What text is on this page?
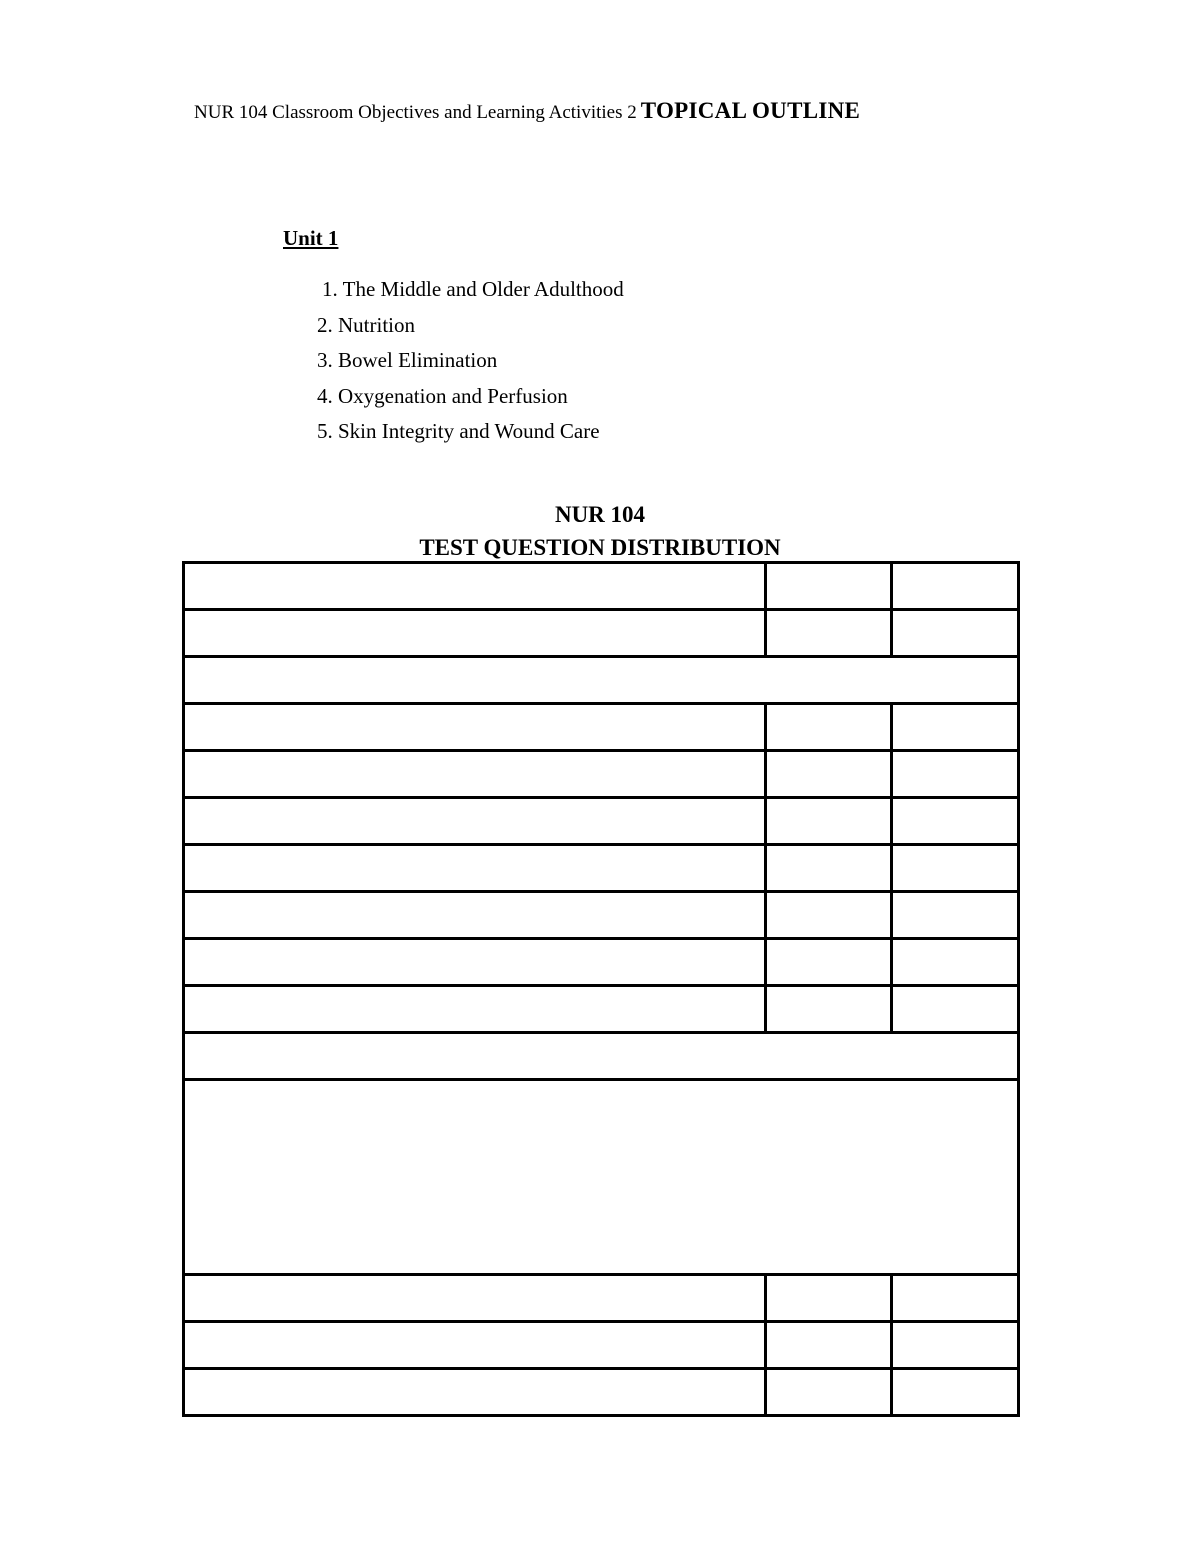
NUR 104 Classroom Objectives and Learning Activities 2 TOPICAL OUTLINE
Unit 1
1. The Middle and Older Adulthood
2. Nutrition
3. Bowel Elimination
4. Oxygenation and Perfusion
5. Skin Integrity and Wound Care
NUR 104
TEST QUESTION DISTRIBUTION
